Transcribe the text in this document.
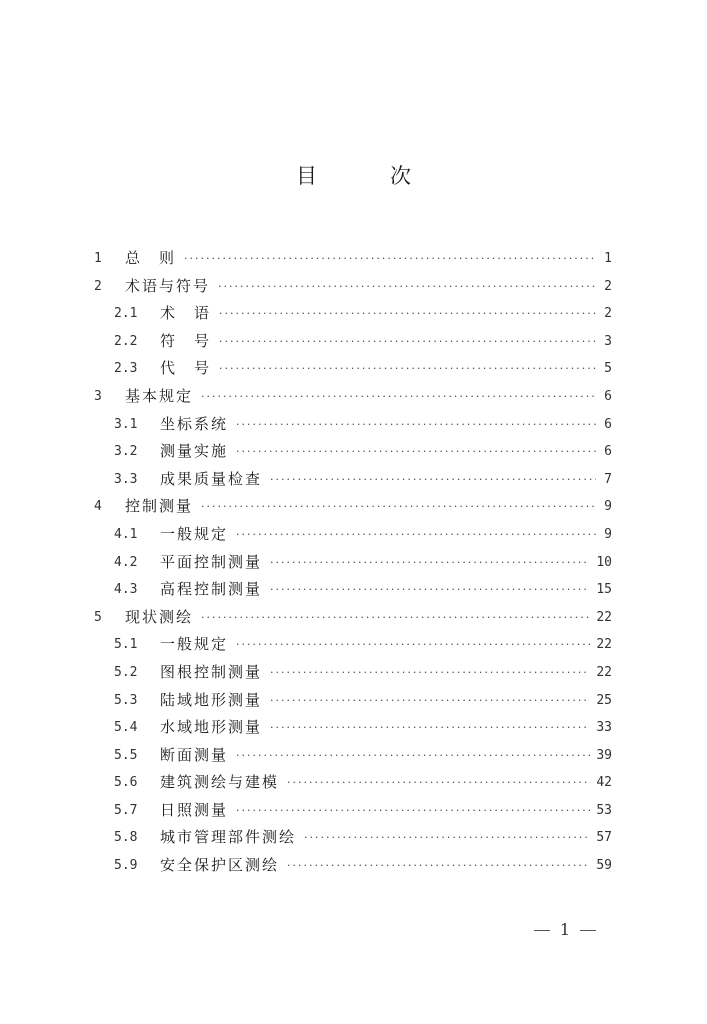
目　次
1	总　则 ·····	1
2	术语与符号 ·····	2
2.1	术　语 ·····	2
2.2	符　号 ·····	3
2.3	代　号 ·····	5
3	基本规定 ·····	6
3.1	坐标系统 ·····	6
3.2	测量实施 ·····	6
3.3	成果质量检查 ·····	7
4	控制测量 ·····	9
4.1	一般规定 ·····	9
4.2	平面控制测量 ·····	10
4.3	高程控制测量 ·····	15
5	现状测绘 ·····	22
5.1	一般规定 ·····	22
5.2	图根控制测量 ·····	22
5.3	陆域地形测量 ·····	25
5.4	水域地形测量 ·····	33
5.5	断面测量 ·····	39
5.6	建筑测绘与建模 ·····	42
5.7	日照测量 ·····	53
5.8	城市管理部件测绘 ·····	57
5.9	安全保护区测绘 ·····	59
1
